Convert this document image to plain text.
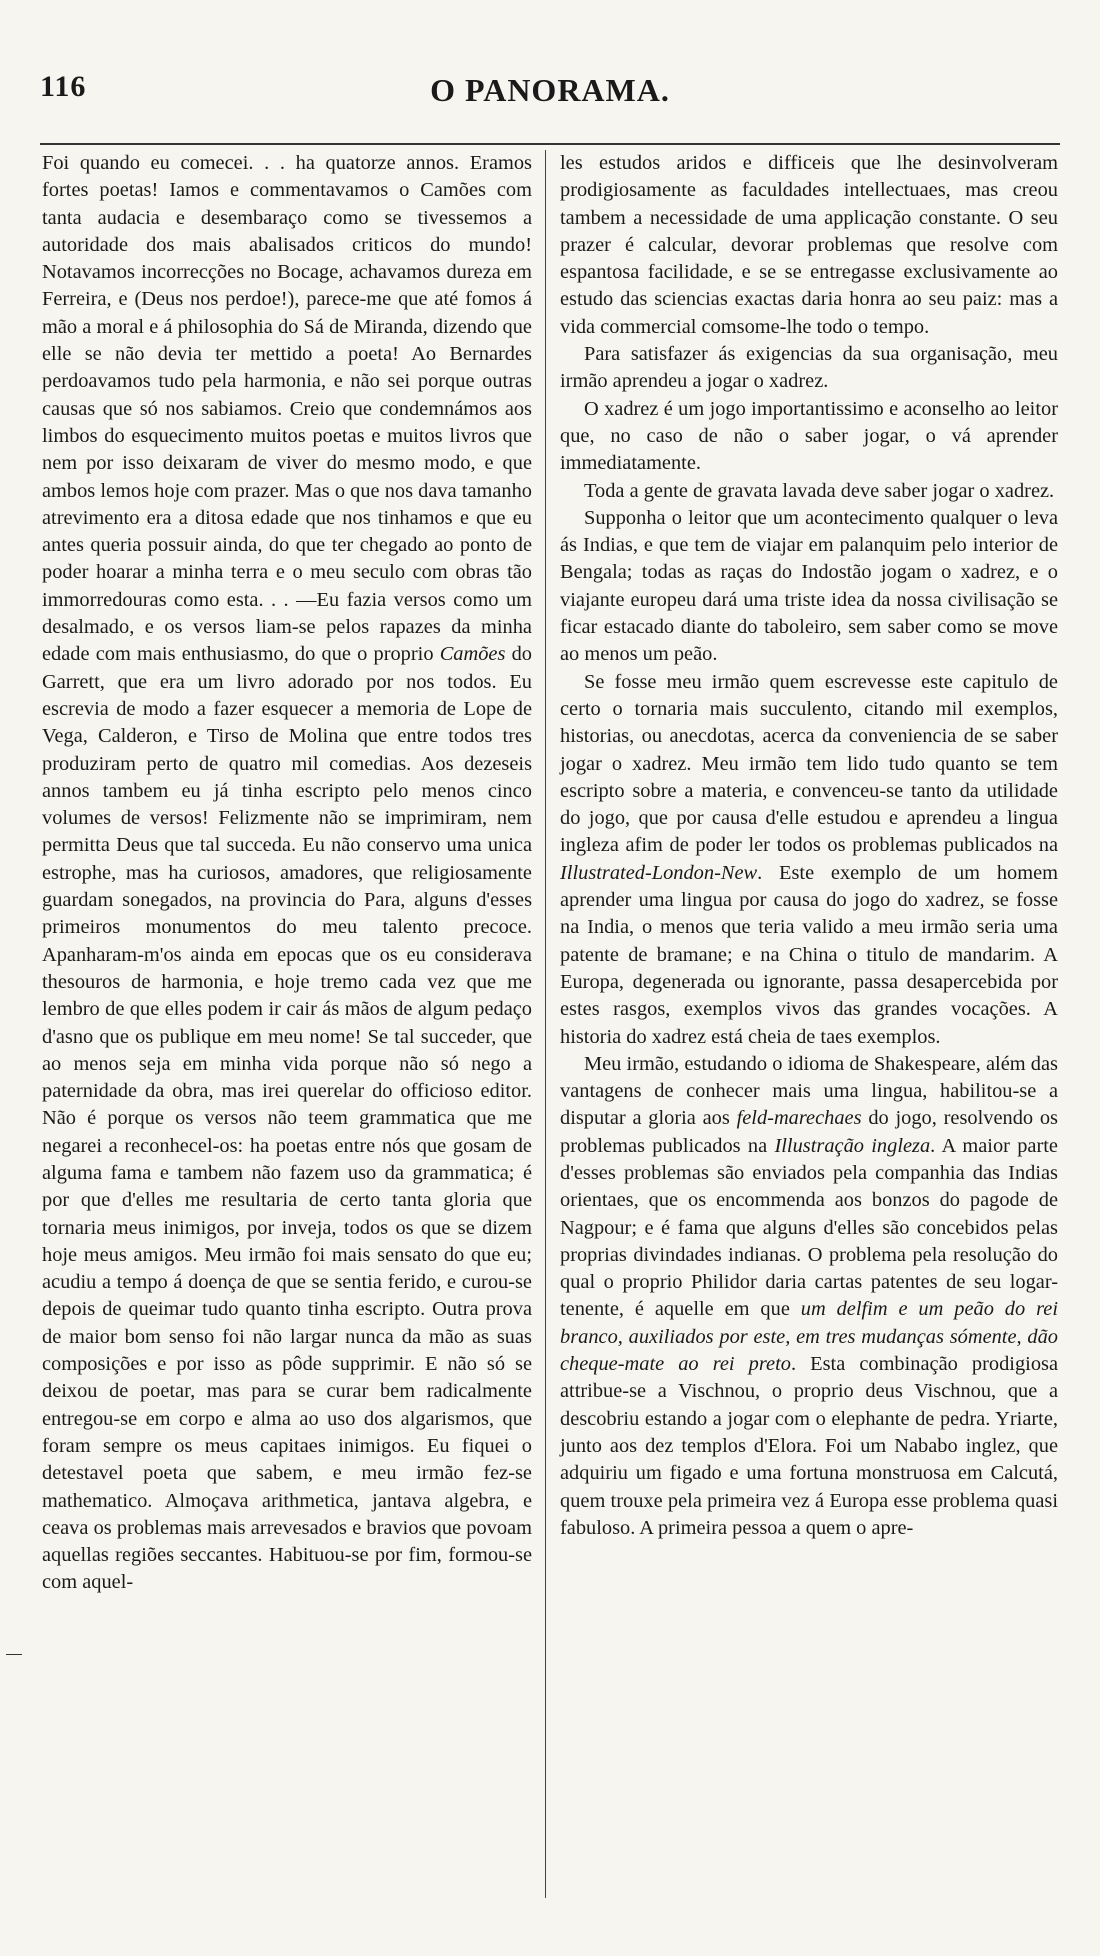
116	O PANORAMA.

Foi quando eu comecei. . . ha quatorze annos. Eramos fortes poetas! Iamos e commentavamos o Camões com tanta audacia e desembaraço como se tivessemos a autoridade dos mais abalisados criticos do mundo! Notavamos incorrecções no Bocage, achavamos dureza em Ferreira, e (Deus nos perdoe!), parece-me que até fomos á mão a moral e á philosophia do Sá de Miranda, dizendo que elle se não devia ter mettido a poeta! Ao Bernardes perdoavamos tudo pela harmonia, e não sei porque outras causas que só nos sabiamos. Creio que condemnámos aos limbos do esquecimento muitos poetas e muitos livros que nem por isso deixaram de viver do mesmo modo, e que ambos lemos hoje com prazer. Mas o que nos dava tamanho atrevimento era a ditosa edade que nos tinhamos e que eu antes queria possuir ainda, do que ter chegado ao ponto de poder hoarar a minha terra e o meu seculo com obras tão immorredouras como esta. . . —Eu fazia versos como um desalmado, e os versos liam-se pelos rapazes da minha edade com mais enthusiasmo, do que o proprio Camões do Garrett, que era um livro adorado por nos todos. Eu escrevia de modo a fazer esquecer a memoria de Lope de Vega, Calderon, e Tirso de Molina que entre todos tres produziram perto de quatro mil comedias. Aos dezeseis annos tambem eu já tinha escripto pelo menos cinco volumes de versos! Felizmente não se imprimiram, nem permitta Deus que tal succeda. Eu não conservo uma unica estrophe, mas ha curiosos, amadores, que religiosamente guardam sonegados, na provincia do Para, alguns d'esses primeiros monumentos do meu talento precoce. Apanharam-m'os ainda em epocas que os eu considerava thesouros de harmonia, e hoje tremo cada vez que me lembro de que elles podem ir cair ás mãos de algum pedaço d'asno que os publique em meu nome! Se tal succeder, que ao menos seja em minha vida porque não só nego a paternidade da obra, mas irei querelar do officioso editor. Não é porque os versos não teem grammatica que me negarei a reconhecel-os: ha poetas entre nós que gosam de alguma fama e tambem não fazem uso da grammatica; é por que d'elles me resultaria de certo tanta gloria que tornaria meus inimigos, por inveja, todos os que se dizem hoje meus amigos. Meu irmão foi mais sensato do que eu; acudiu a tempo á doença de que se sentia ferido, e curou-se depois de queimar tudo quanto tinha escripto. Outra prova de maior bom senso foi não largar nunca da mão as suas composições e por isso as pôde supprimir. E não só se deixou de poetar, mas para se curar bem radicalmente entregou-se em corpo e alma ao uso dos algarismos, que foram sempre os meus capitaes inimigos. Eu fiquei o detestavel poeta que sabem, e meu irmão fez-se mathematico. Almoçava arithmetica, jantava algebra, e ceava os problemas mais arrevesados e bravios que povoam aquellas regiões seccantes. Habituou-se por fim, formou-se com aquel-

les estudos aridos e difficeis que lhe desinvolveram prodigiosamente as faculdades intellectuaes, mas creou tambem a necessidade de uma applicação constante. O seu prazer é calcular, devorar problemas que resolve com espantosa facilidade, e se se entregasse exclusivamente ao estudo das sciencias exactas daria honra ao seu paiz: mas a vida commercial comsome-lhe todo o tempo.

Para satisfazer ás exigencias da sua organisação, meu irmão aprendeu a jogar o xadrez.

O xadrez é um jogo importantissimo e aconselho ao leitor que, no caso de não o saber jogar, o vá aprender immediatamente.

Toda a gente de gravata lavada deve saber jogar o xadrez.

Supponha o leitor que um acontecimento qualquer o leva ás Indias, e que tem de viajar em palanquim pelo interior de Bengala; todas as raças do Indostão jogam o xadrez, e o viajante europeu dará uma triste idea da nossa civilisação se ficar estacado diante do taboleiro, sem saber como se move ao menos um peão.

Se fosse meu irmão quem escrevesse este capitulo de certo o tornaria mais succulento, citando mil exemplos, historias, ou anecdotas, acerca da conveniencia de se saber jogar o xadrez. Meu irmão tem lido tudo quanto se tem escripto sobre a materia, e convenceu-se tanto da utilidade do jogo, que por causa d'elle estudou e aprendeu a lingua ingleza afim de poder ler todos os problemas publicados na Illustrated-London-New. Este exemplo de um homem aprender uma lingua por causa do jogo do xadrez, se fosse na India, o menos que teria valido a meu irmão seria uma patente de bramane; e na China o titulo de mandarim. A Europa, degenerada ou ignorante, passa desapercebida por estes rasgos, exemplos vivos das grandes vocações. A historia do xadrez está cheia de taes exemplos.

Meu irmão, estudando o idioma de Shakespeare, além das vantagens de conhecer mais uma lingua, habilitou-se a disputar a gloria aos feld-marechaes do jogo, resolvendo os problemas publicados na Illustração ingleza. A maior parte d'esses problemas são enviados pela companhia das Indias orientaes, que os encommenda aos bonzos do pagode de Nagpour; e é fama que alguns d'elles são concebidos pelas proprias divindades indianas. O problema pela resolução do qual o proprio Philidor daria cartas patentes de seu logar-tenente, é aquelle em que um delfim e um peão do rei branco, auxiliados por este, em tres mudanças sómente, dão cheque-mate ao rei preto. Esta combinação prodigiosa attribue-se a Vischnou, o proprio deus Vischnou, que a descobriu estando a jogar com o elephante de pedra. Yriarte, junto aos dez templos d'Elora. Foi um Nababo inglez, que adquiriu um figado e uma fortuna monstruosa em Calcutá, quem trouxe pela primeira vez á Europa esse problema quasi fabuloso. A primeira pessoa a quem o apre-
